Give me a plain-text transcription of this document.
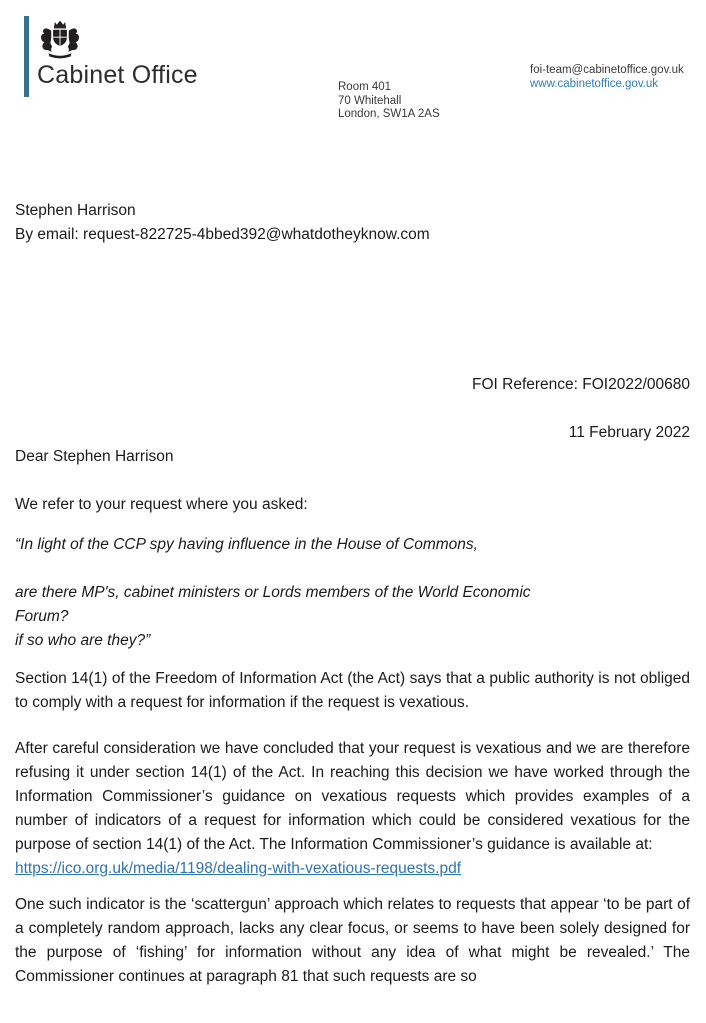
Cabinet Office	Room 401
70 Whitehall
London, SW1A 2AS
foi-team@cabinetoffice.gov.uk
www.cabinetoffice.gov.uk
Stephen Harrison
By email: request-822725-4bbed392@whatdotheyknow.com
FOI Reference: FOI2022/00680
11 February 2022
Dear Stephen Harrison
We refer to your request where you asked:
“In light of the CCP spy having influence in the House of Commons,
are there MP's, cabinet ministers or Lords members of the World Economic
Forum?
if so who are they?”

Section 14(1) of the Freedom of Information Act (the Act) says that a public authority is not obliged to comply with a request for information if the request is vexatious.

After careful consideration we have concluded that your request is vexatious and we are therefore refusing it under section 14(1) of the Act. In reaching this decision we have worked through the Information Commissioner’s guidance on vexatious requests which provides examples of a number of indicators of a request for information which could be considered vexatious for the purpose of section 14(1) of the Act. The Information Commissioner’s guidance is available at:

https://ico.org.uk/media/1198/dealing-with-vexatious-requests.pdf

One such indicator is the ‘scattergun’ approach which relates to requests that appear ‘to be part of a completely random approach, lacks any clear focus, or seems to have been solely designed for the purpose of ‘fishing’ for information without any idea of what might be revealed.’ The Commissioner continues at paragraph 81 that such requests are so
